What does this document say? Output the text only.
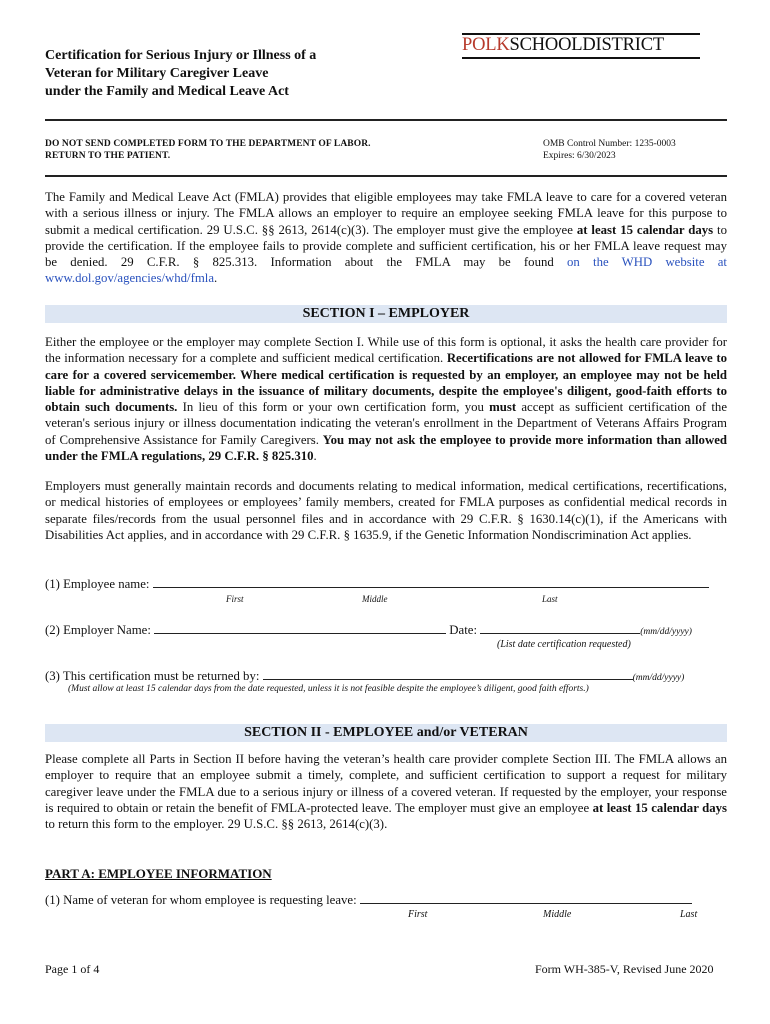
Certification for Serious Injury or Illness of a
Veteran for Military Caregiver Leave
under the Family and Medical Leave Act
POLKSCHOOLDISTRICT
DO NOT SEND COMPLETED FORM TO THE DEPARTMENT OF LABOR.
RETURN TO THE PATIENT.
OMB Control Number: 1235-0003
Expires: 6/30/2023
The Family and Medical Leave Act (FMLA) provides that eligible employees may take FMLA leave to care for a covered veteran with a serious illness or injury. The FMLA allows an employer to require an employee seeking FMLA leave for this purpose to submit a medical certification. 29 U.S.C. §§ 2613, 2614(c)(3). The employer must give the employee at least 15 calendar days to provide the certification. If the employee fails to provide complete and sufficient certification, his or her FMLA leave request may be denied. 29 C.F.R. § 825.313. Information about the FMLA may be found on the WHD website at www.dol.gov/agencies/whd/fmla.
SECTION I – EMPLOYER
Either the employee or the employer may complete Section I. While use of this form is optional, it asks the health care provider for the information necessary for a complete and sufficient medical certification. Recertifications are not allowed for FMLA leave to care for a covered servicemember. Where medical certification is requested by an employer, an employee may not be held liable for administrative delays in the issuance of military documents, despite the employee's diligent, good-faith efforts to obtain such documents. In lieu of this form or your own certification form, you must accept as sufficient certification of the veteran's serious injury or illness documentation indicating the veteran's enrollment in the Department of Veterans Affairs Program of Comprehensive Assistance for Family Caregivers. You may not ask the employee to provide more information than allowed under the FMLA regulations, 29 C.F.R. § 825.310.
Employers must generally maintain records and documents relating to medical information, medical certifications, recertifications, or medical histories of employees or employees’ family members, created for FMLA purposes as confidential medical records in separate files/records from the usual personnel files and in accordance with 29 C.F.R. § 1630.14(c)(1), if the Americans with Disabilities Act applies, and in accordance with 29 C.F.R. § 1635.9, if the Genetic Information Nondiscrimination Act applies.
(1) Employee name:
First	Middle	Last
(2) Employer Name:	Date:	(mm/dd/yyyy)
(List date certification requested)
(3) This certification must be returned by:	(mm/dd/yyyy)
(Must allow at least 15 calendar days from the date requested, unless it is not feasible despite the employee’s diligent, good faith efforts.)
SECTION II - EMPLOYEE and/or VETERAN
Please complete all Parts in Section II before having the veteran’s health care provider complete Section III. The FMLA allows an employer to require that an employee submit a timely, complete, and sufficient certification to support a request for military caregiver leave under the FMLA due to a serious injury or illness of a covered veteran. If requested by the employer, your response is required to obtain or retain the benefit of FMLA-protected leave. The employer must give an employee at least 15 calendar days to return this form to the employer. 29 U.S.C. §§ 2613, 2614(c)(3).
PART A: EMPLOYEE INFORMATION
(1) Name of veteran for whom employee is requesting leave:
First	Middle	Last
Page 1 of 4	Form WH-385-V, Revised June 2020
